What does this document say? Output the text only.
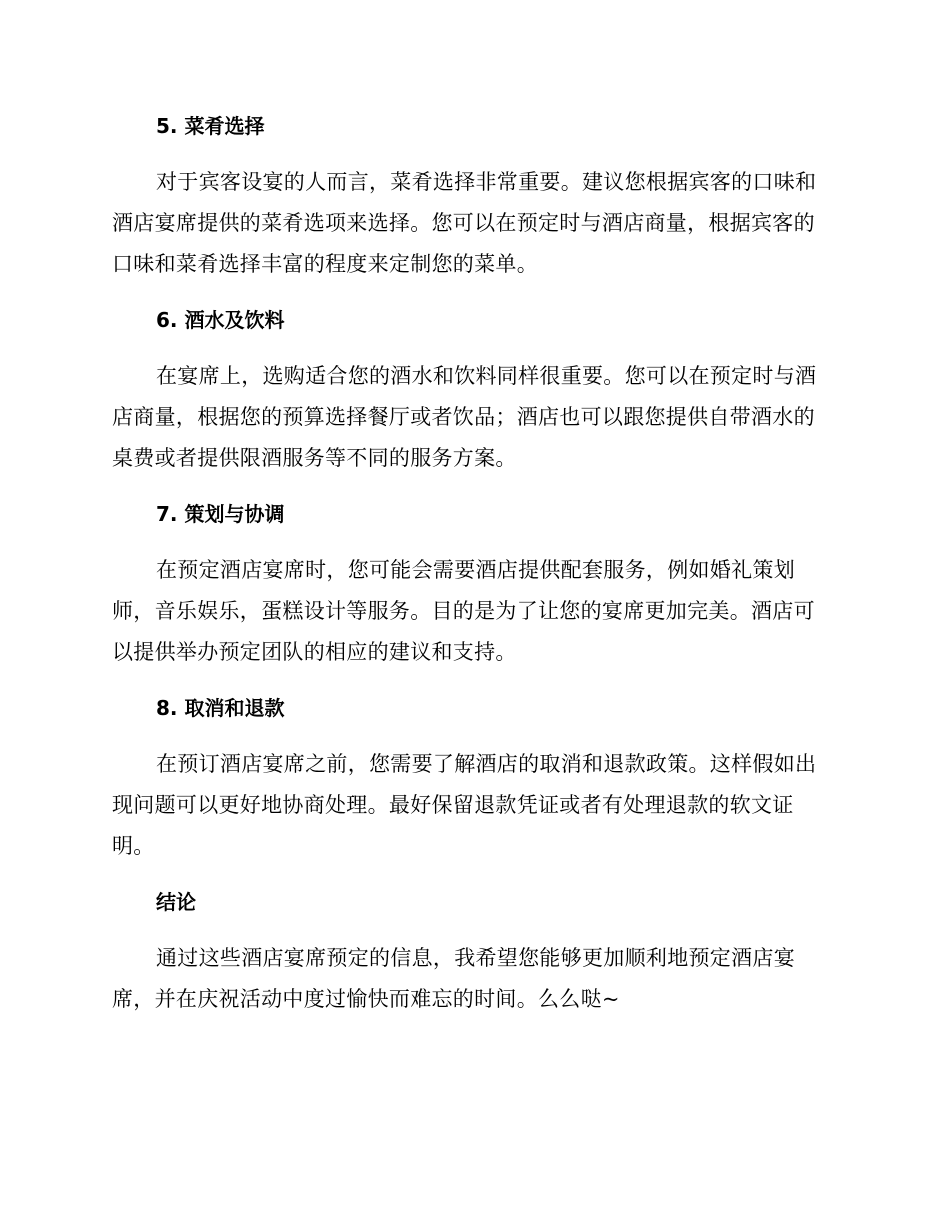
5. 菜肴选择

对于宾客设宴的人而言，菜肴选择非常重要。建议您根据宾客的口味和
酒店宴席提供的菜肴选项来选择。您可以在预定时与酒店商量，根据宾客的
口味和菜肴选择丰富的程度来定制您的菜单。

6. 酒水及饮料

在宴席上，选购适合您的酒水和饮料同样很重要。您可以在预定时与酒
店商量，根据您的预算选择餐厅或者饮品；酒店也可以跟您提供自带酒水的
桌费或者提供限酒服务等不同的服务方案。

7. 策划与协调

在预定酒店宴席时，您可能会需要酒店提供配套服务，例如婚礼策划
师，音乐娱乐，蛋糕设计等服务。目的是为了让您的宴席更加完美。酒店可
以提供举办预定团队的相应的建议和支持。

8. 取消和退款

在预订酒店宴席之前，您需要了解酒店的取消和退款政策。这样假如出
现问题可以更好地协商处理。最好保留退款凭证或者有处理退款的软文证
明。

结论

通过这些酒店宴席预定的信息，我希望您能够更加顺利地预定酒店宴
席，并在庆祝活动中度过愉快而难忘的时间。么么哒~
